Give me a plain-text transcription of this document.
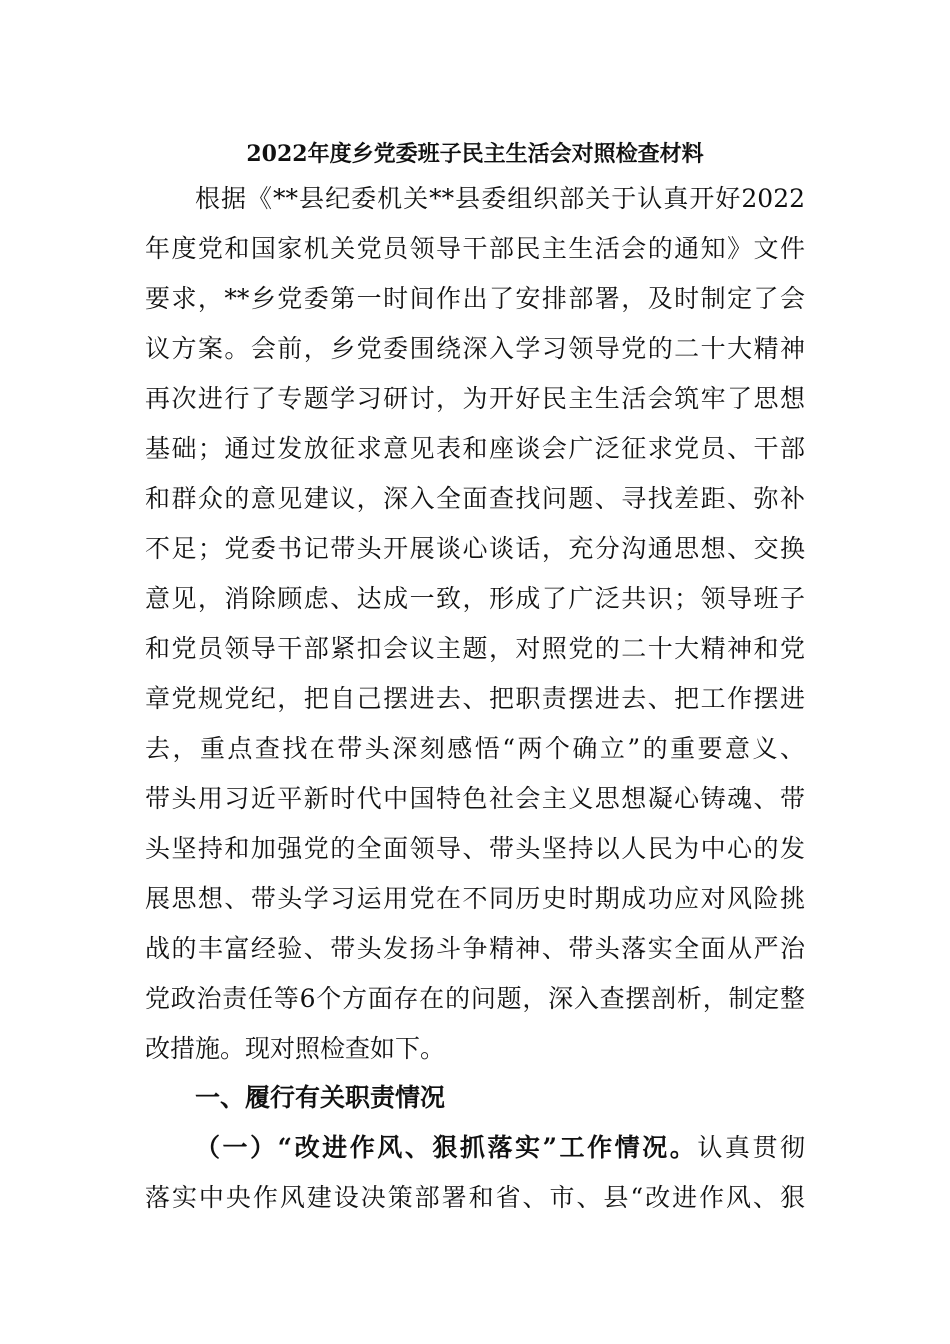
2022年度乡党委班子民主生活会对照检查材料
根据《**县纪委机关**县委组织部关于认真开好2022
年度党和国家机关党员领导干部民主生活会的通知》文件
要求，**乡党委第一时间作出了安排部署，及时制定了会
议方案。会前，乡党委围绕深入学习领导党的二十大精神
再次进行了专题学习研讨，为开好民主生活会筑牢了思想
基础；通过发放征求意见表和座谈会广泛征求党员、干部
和群众的意见建议，深入全面查找问题、寻找差距、弥补
不足；党委书记带头开展谈心谈话，充分沟通思想、交换
意见，消除顾虑、达成一致，形成了广泛共识；领导班子
和党员领导干部紧扣会议主题，对照党的二十大精神和党
章党规党纪，把自己摆进去、把职责摆进去、把工作摆进
去，重点查找在带头深刻感悟“两个确立”的重要意义、
带头用习近平新时代中国特色社会主义思想凝心铸魂、带
头坚持和加强党的全面领导、带头坚持以人民为中心的发
展思想、带头学习运用党在不同历史时期成功应对风险挑
战的丰富经验、带头发扬斗争精神、带头落实全面从严治
党政治责任等6个方面存在的问题，深入查摆剖析，制定整
改措施。现对照检查如下。
一、履行有关职责情况
（一）“改进作风、狠抓落实”工作情况。认真贯彻
落实中央作风建设决策部署和省、市、县“改进作风、狠
